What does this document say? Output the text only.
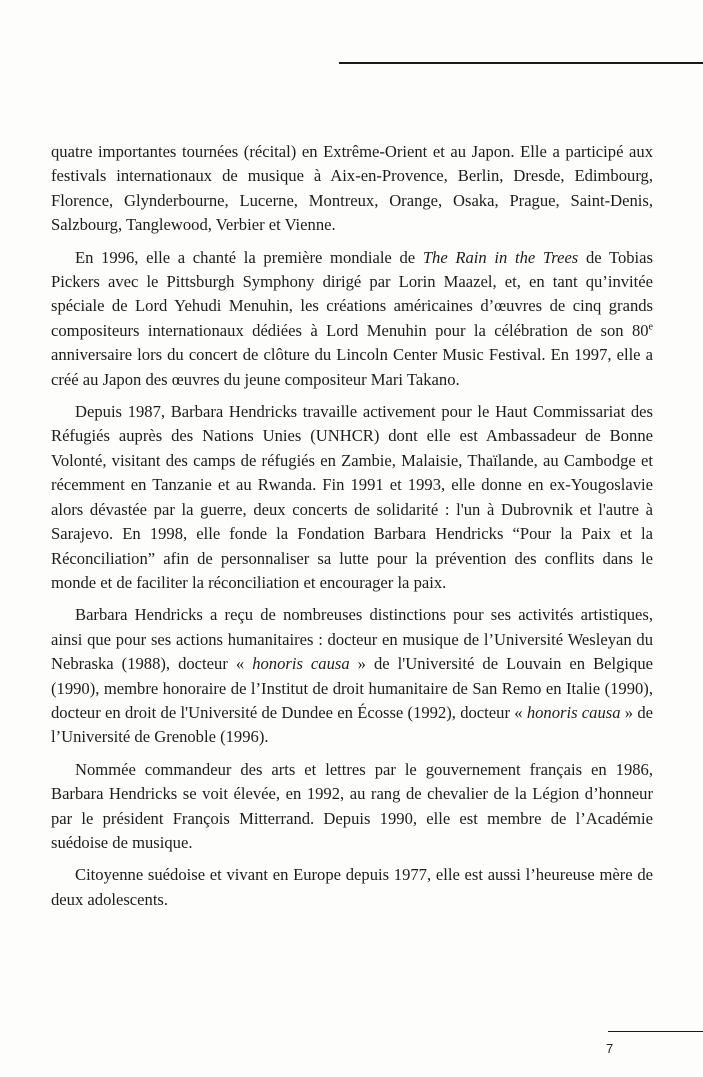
quatre importantes tournées (récital) en Extrême-Orient et au Japon. Elle a participé aux festivals internationaux de musique à Aix-en-Provence, Berlin, Dresde, Edimbourg, Florence, Glynderbourne, Lucerne, Montreux, Orange, Osaka, Prague, Saint-Denis, Salzbourg, Tanglewood, Verbier et Vienne.

En 1996, elle a chanté la première mondiale de The Rain in the Trees de Tobias Pickers avec le Pittsburgh Symphony dirigé par Lorin Maazel, et, en tant qu’invitée spéciale de Lord Yehudi Menuhin, les créations américaines d’œuvres de cinq grands compositeurs internationaux dédiées à Lord Menuhin pour la célébration de son 80e anniversaire lors du concert de clôture du Lincoln Center Music Festival. En 1997, elle a créé au Japon des œuvres du jeune compositeur Mari Takano.

Depuis 1987, Barbara Hendricks travaille activement pour le Haut Commissariat des Réfugiés auprès des Nations Unies (UNHCR) dont elle est Ambassadeur de Bonne Volonté, visitant des camps de réfugiés en Zambie, Malaisie, Thaïlande, au Cambodge et récemment en Tanzanie et au Rwanda. Fin 1991 et 1993, elle donne en ex-Yougoslavie alors dévastée par la guerre, deux concerts de solidarité : l'un à Dubrovnik et l'autre à Sarajevo. En 1998, elle fonde la Fondation Barbara Hendricks “Pour la Paix et la Réconciliation” afin de personnaliser sa lutte pour la prévention des conflits dans le monde et de faciliter la réconciliation et encourager la paix.

Barbara Hendricks a reçu de nombreuses distinctions pour ses activités artistiques, ainsi que pour ses actions humanitaires : docteur en musique de l’Université Wesleyan du Nebraska (1988), docteur « honoris causa » de l'Université de Louvain en Belgique (1990), membre honoraire de l’Institut de droit humanitaire de San Remo en Italie (1990), docteur en droit de l'Université de Dundee en Écosse (1992), docteur « honoris causa » de l’Université de Grenoble (1996).

Nommée commandeur des arts et lettres par le gouvernement français en 1986, Barbara Hendricks se voit élevée, en 1992, au rang de chevalier de la Légion d’honneur par le président François Mitterrand. Depuis 1990, elle est membre de l’Académie suédoise de musique.

Citoyenne suédoise et vivant en Europe depuis 1977, elle est aussi l’heureuse mère de deux adolescents.

7
